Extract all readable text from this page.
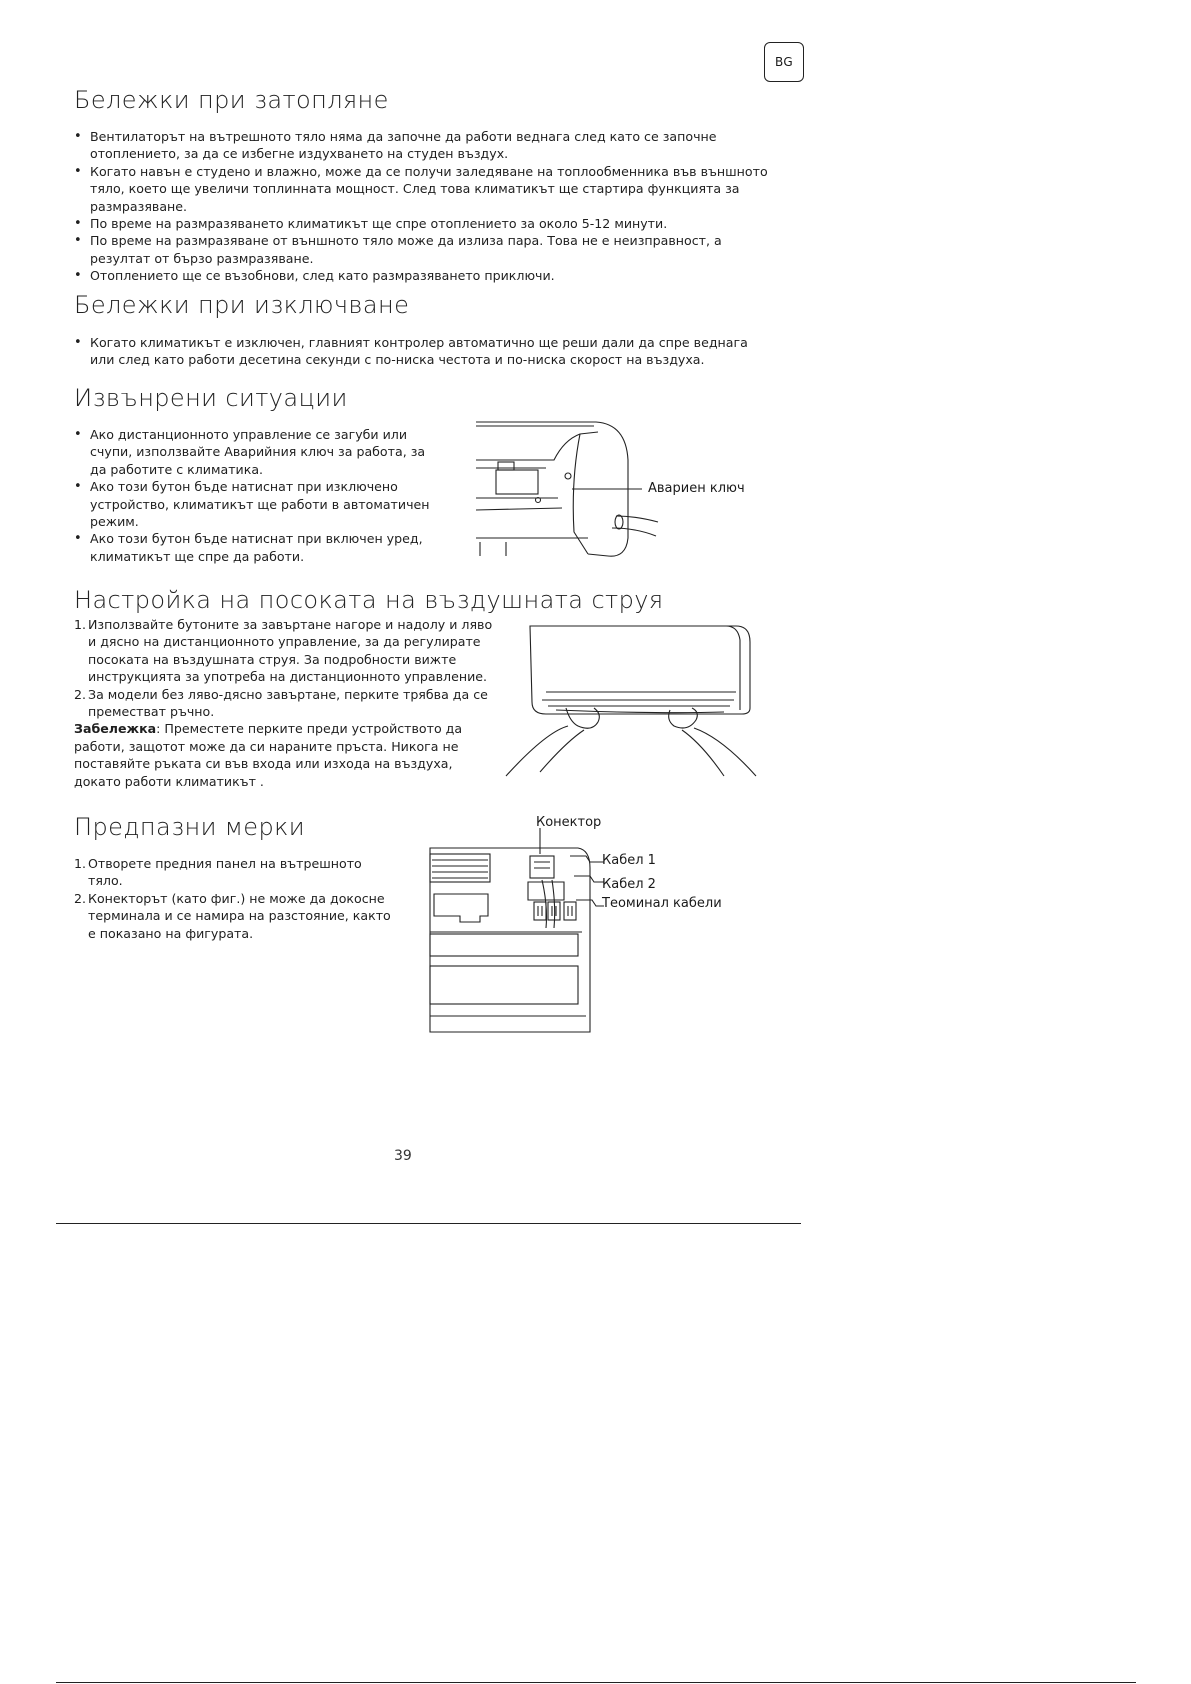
BG
Бележки при затопляне
• Вентилаторът на вътрешното тяло няма да започне да работи веднага след като се започне отоплението, за да се избегне издухването на студен въздух.
• Когато навън е студено и влажно, може да се получи заледяване на топлообменника във външното тяло, което ще увеличи топлинната мощност. След това климатикът ще стартира функцията за размразяване.
• По време на размразяването климатикът ще спре отоплението за около 5-12 минути.
• По време на размразяване от външното тяло може да излиза пара. Това не е неизправност, а резултат от бързо размразяване.
• Отоплението ще се възобнови, след като размразяването приключи.
Бележки при изключване
• Когато климатикът е изключен, главният контролер автоматично ще реши дали да спре веднага или след като работи десетина секунди с по-ниска честота и по-ниска скорост на въздуха.
Извънрени ситуации
• Ако дистанционното управление се загуби или счупи, използвайте Аварийния ключ за работа, за да работите с климатика.
• Ако този бутон бъде натиснат при изключено устройство, климатикът ще работи в автоматичен режим.
• Ако този бутон бъде натиснат при включен уред, климатикът ще спре да работи.
Авариен ключ
Настройка на посоката на въздушната струя
1. Използвайте бутоните за завъртане нагоре и надолу и ляво и дясно на дистанционното управление, за да регулирате посоката на въздушната струя. За подробности вижте инструкцията за употреба на дистанционното управление.
2. За модели без ляво-дясно завъртане, перките трябва да се преместват ръчно.
Забележка: Преместете перките преди устройството да работи, защотот може да си нараните пръста. Никога не поставяйте ръката си във входа или изхода на въздуха, докато работи климатикът .
Предпазни мерки
1. Отворете предния панел на вътрешното тяло.
2. Конекторът (като фиг.) не може да докосне терминала и се намира на разстояние, както е показано на фигурата.
Конектор
Кабел 1
Кабел 2
Теоминал кабели
39
